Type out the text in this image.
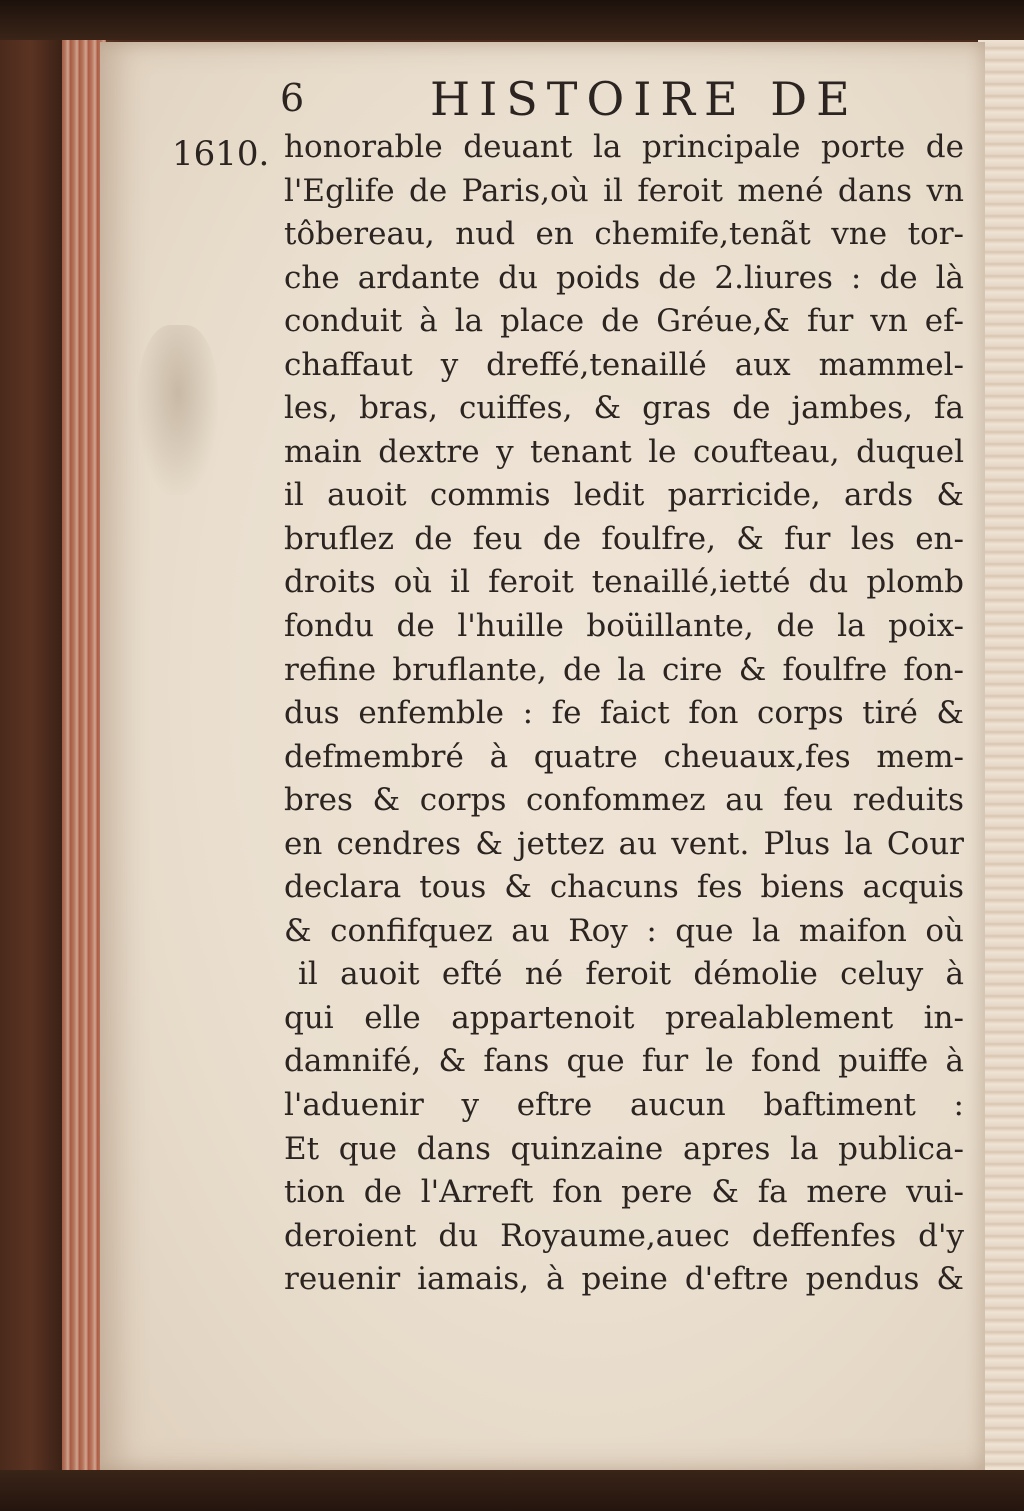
6	HISTOIRE DE
1610. honorable deuant la principale porte de
l'Eglife de Paris,où il feroit mené dans vn
tôbereau, nud en chemife,tenãt vne tor-
che ardante du poids de 2.liures : de là
conduit à la place de Gréue,& fur vn ef-
chaffaut y dreffé,tenaillé aux mammel-
les, bras, cuiffes, & gras de jambes, fa
main dextre y tenant le coufteau, duquel
il auoit commis ledit parricide, ards &
bruflez de feu de foulfre, & fur les en-
droits où il feroit tenaillé,ietté du plomb
fondu de l'huille boüillante, de la poix-
refine bruflante, de la cire & foulfre fon-
dus enfemble : fe faict fon corps tiré &
defmembré à quatre cheuaux,fes mem-
bres & corps confommez au feu reduits
en cendres & jettez au vent. Plus la Cour
declara tous & chacuns fes biens acquis
& confifquez au Roy : que la maifon où
il auoit efté né feroit démolie celuy à
qui elle appartenoit prealablement in-
damnifé, & fans que fur le fond puiffe à
l'aduenir y eftre aucun baftiment :
Et que dans quinzaine apres la publica-
tion de l'Arreft fon pere & fa mere vui-
deroient du Royaume,auec deffenfes d'y
reuenir iamais, à peine d'eftre pendus &
